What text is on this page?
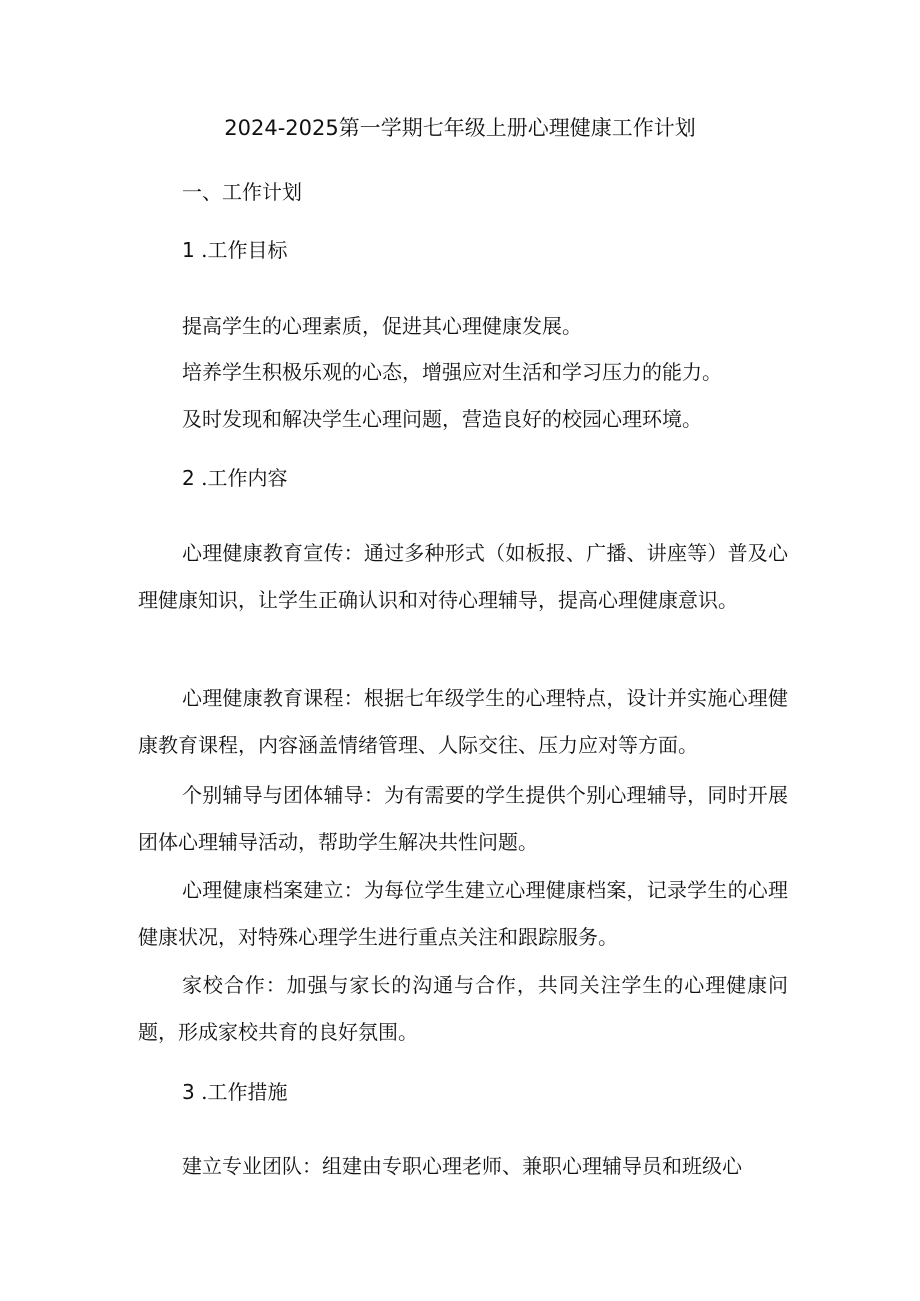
2024-2025第一学期七年级上册心理健康工作计划
一、工作计划
1 .工作目标
提高学生的心理素质，促进其心理健康发展。
培养学生积极乐观的心态，增强应对生活和学习压力的能力。
及时发现和解决学生心理问题，营造良好的校园心理环境。
2 .工作内容
心理健康教育宣传：通过多种形式（如板报、广播、讲座等）普及心理健康知识，让学生正确认识和对待心理辅导，提高心理健康意识。
心理健康教育课程：根据七年级学生的心理特点，设计并实施心理健康教育课程，内容涵盖情绪管理、人际交往、压力应对等方面。
个别辅导与团体辅导：为有需要的学生提供个别心理辅导，同时开展团体心理辅导活动，帮助学生解决共性问题。
心理健康档案建立：为每位学生建立心理健康档案，记录学生的心理健康状况，对特殊心理学生进行重点关注和跟踪服务。
家校合作：加强与家长的沟通与合作，共同关注学生的心理健康问题，形成家校共育的良好氛围。
3 .工作措施
建立专业团队：组建由专职心理老师、兼职心理辅导员和班级心
